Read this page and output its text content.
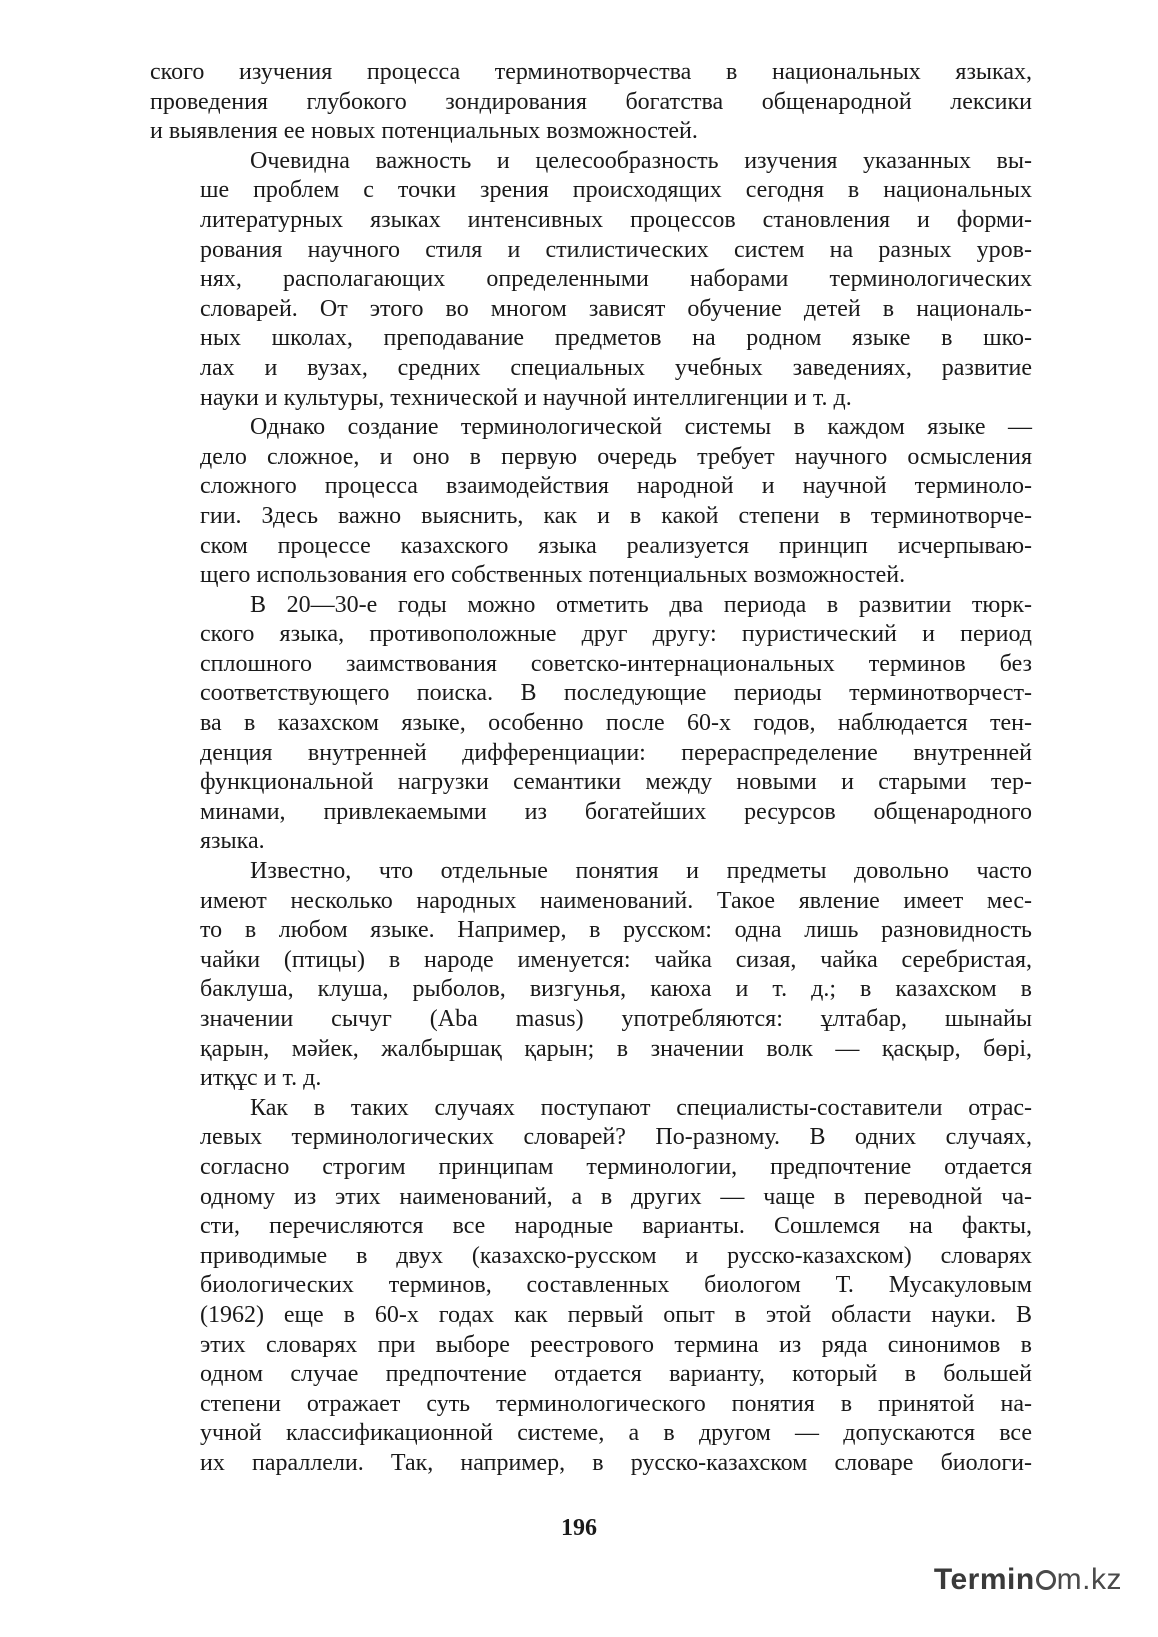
ского изучения процесса терминотворчества в национальных языках,
проведения глубокого зондирования богатства общенародной лексики
и выявления ее новых потенциальных возможностей.

Очевидна важность и целесообразность изучения указанных вы-
ше проблем с точки зрения происходящих сегодня в национальных
литературных языках интенсивных процессов становления и форми-
рования научного стиля и стилистических систем на разных уров-
нях, располагающих определенными наборами терминологических
словарей. От этого во многом зависят обучение детей в националь-
ных школах, преподавание предметов на родном языке в шко-
лах и вузах, средних специальных учебных заведениях, развитие
науки и культуры, технической и научной интеллигенции и т. д.

Однако создание терминологической системы в каждом языке —
дело сложное, и оно в первую очередь требует научного осмысления
сложного процесса взаимодействия народной и научной терминоло-
гии. Здесь важно выяснить, как и в какой степени в терминотворче-
ском процессе казахского языка реализуется принцип исчерпываю-
щего использования его собственных потенциальных возможностей.

В 20—30-е годы можно отметить два периода в развитии тюрк-
ского языка, противоположные друг другу: пуристический и период
сплошного заимствования советско-интернациональных терминов без
соответствующего поиска. В последующие периоды терминотворчест-
ва в казахском языке, особенно после 60-х годов, наблюдается тен-
денция внутренней дифференциации: перераспределение внутренней
функциональной нагрузки семантики между новыми и старыми тер-
минами, привлекаемыми из богатейших ресурсов общенародного
языка.

Известно, что отдельные понятия и предметы довольно часто
имеют несколько народных наименований. Такое явление имеет мес-
то в любом языке. Например, в русском: одна лишь разновидность
чайки (птицы) в народе именуется: чайка сизая, чайка серебристая,
баклуша, клуша, рыболов, визгунья, каюха и т. д.; в казахском в
значении сычуг (Aba masus) употребляются: ұлтабар, шынайы
қарын, мәйек, жалбыршақ қарын; в значении волк — қасқыр, бөрі,
итқұс и т. д.

Как в таких случаях поступают специалисты-составители отрас-
левых терминологических словарей? По-разному. В одних случаях,
согласно строгим принципам терминологии, предпочтение отдается
одному из этих наименований, а в других — чаще в переводной ча-
сти, перечисляются все народные варианты. Сошлемся на факты,
приводимые в двух (казахско-русском и русско-казахском) словарях
биологических терминов, составленных биологом Т. Мусакуловым
(1962) еще в 60-х годах как первый опыт в этой области науки. В
этих словарях при выборе реестрового термина из ряда синонимов в
одном случае предпочтение отдается варианту, который в большей
степени отражает суть терминологического понятия в принятой на-
учной классификационной системе, а в другом — допускаются все
их параллели. Так, например, в русско-казахском словаре биологи-

196
Termin m.kz
